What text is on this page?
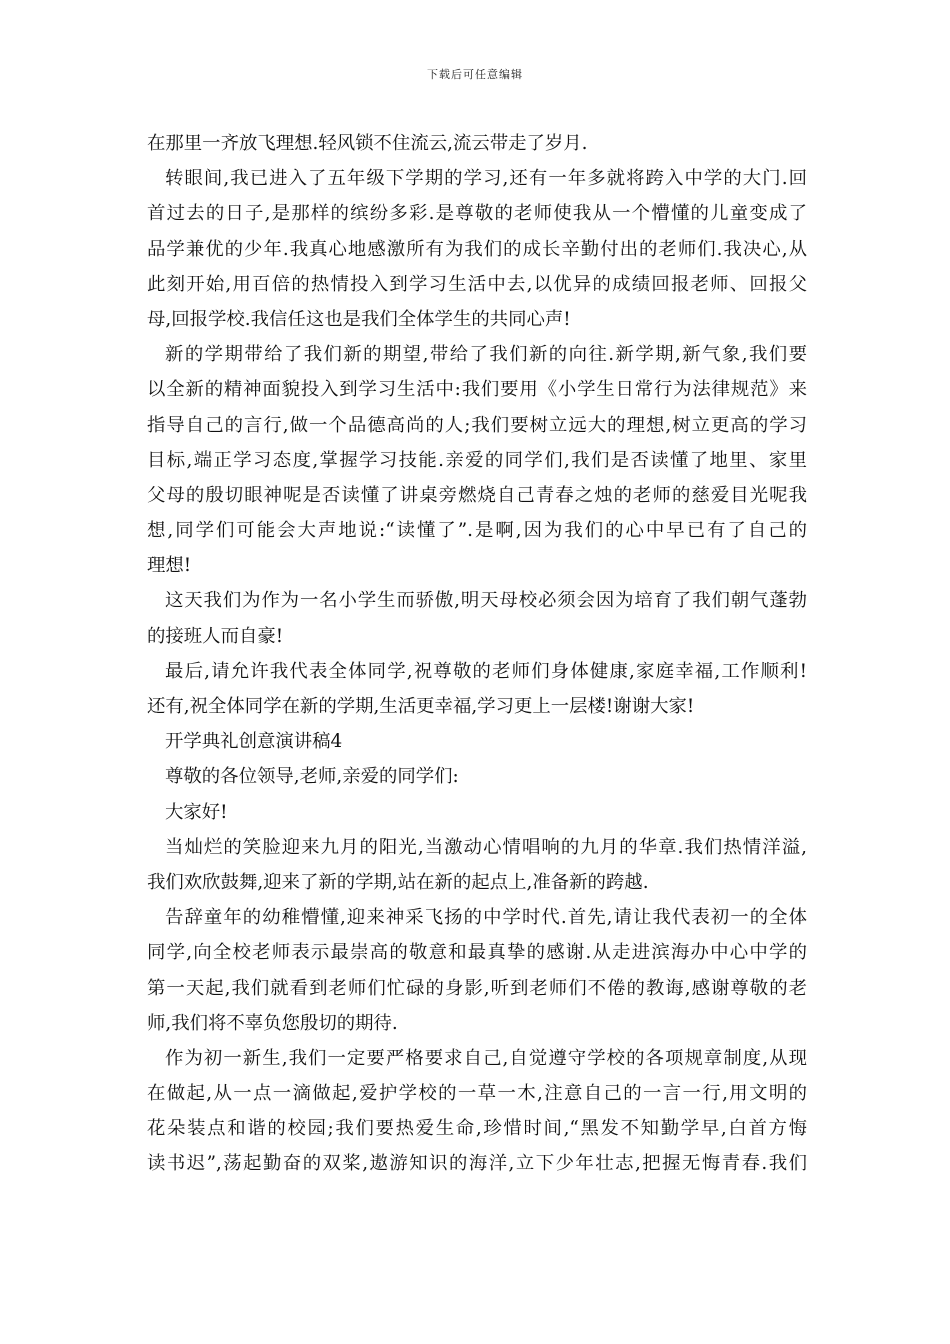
下载后可任意编辑
在那里一齐放飞理想.轻风锁不住流云,流云带走了岁月.
转眼间,我已进入了五年级下学期的学习,还有一年多就将跨入中学的大门.回
首过去的日子,是那样的缤纷多彩.是尊敬的老师使我从一个懵懂的儿童变成了
品学兼优的少年.我真心地感激所有为我们的成长辛勤付出的老师们.我决心,从
此刻开始,用百倍的热情投入到学习生活中去,以优异的成绩回报老师、回报父
母,回报学校.我信任这也是我们全体学生的共同心声!
新的学期带给了我们新的期望,带给了我们新的向往.新学期,新气象,我们要
以全新的精神面貌投入到学习生活中:我们要用《小学生日常行为法律规范》来
指导自己的言行,做一个品德高尚的人;我们要树立远大的理想,树立更高的学习
目标,端正学习态度,掌握学习技能.亲爱的同学们,我们是否读懂了地里、家里
父母的殷切眼神呢是否读懂了讲桌旁燃烧自己青春之烛的老师的慈爱目光呢我
想,同学们可能会大声地说:“读懂了”.是啊,因为我们的心中早已有了自己的
理想!
这天我们为作为一名小学生而骄傲,明天母校必须会因为培育了我们朝气蓬勃
的接班人而自豪!
最后,请允许我代表全体同学,祝尊敬的老师们身体健康,家庭幸福,工作顺利!
还有,祝全体同学在新的学期,生活更幸福,学习更上一层楼!谢谢大家!
开学典礼创意演讲稿4
尊敬的各位领导,老师,亲爱的同学们:
大家好!
当灿烂的笑脸迎来九月的阳光,当激动心情唱响的九月的华章.我们热情洋溢,
我们欢欣鼓舞,迎来了新的学期,站在新的起点上,准备新的跨越.
告辞童年的幼稚懵懂,迎来神采飞扬的中学时代.首先,请让我代表初一的全体
同学,向全校老师表示最崇高的敬意和最真挚的感谢.从走进滨海办中心中学的
第一天起,我们就看到老师们忙碌的身影,听到老师们不倦的教诲,感谢尊敬的老
师,我们将不辜负您殷切的期待.
作为初一新生,我们一定要严格要求自己,自觉遵守学校的各项规章制度,从现
在做起,从一点一滴做起,爱护学校的一草一木,注意自己的一言一行,用文明的
花朵装点和谐的校园;我们要热爱生命,珍惜时间,“黑发不知勤学早,白首方悔
读书迟”,荡起勤奋的双桨,遨游知识的海洋,立下少年壮志,把握无悔青春.我们
